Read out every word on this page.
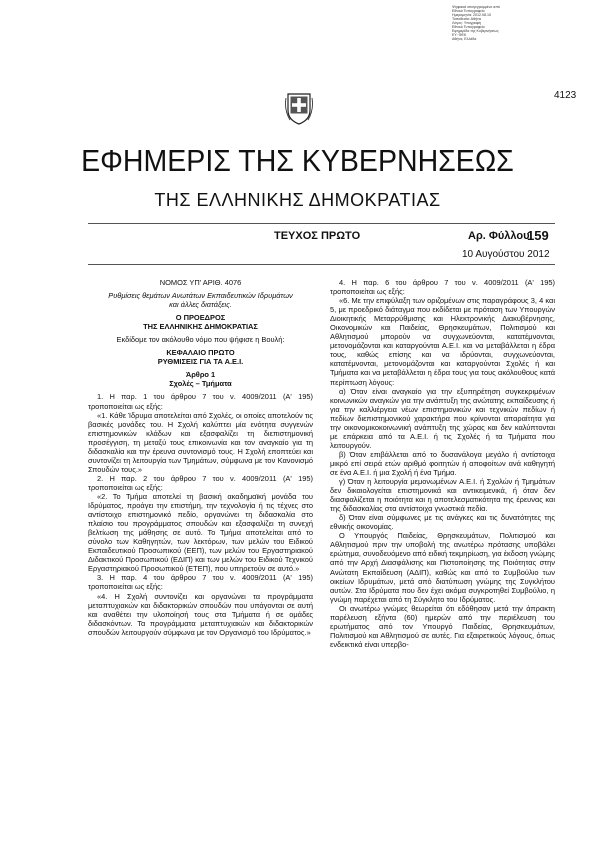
Ψηφιακά υπογεγραμμένο από
Εθνικό Τυπογραφείο
Ημερομηνία: 2012.08.10
Τοποθεσία: Αθήνα
Λόγος: Υπογραφή
Εθνικό Τυπογραφείο
Εφημερίδα της Κυβερνήσεως
ΕΥ: ΦΕΚ
Αθήνα, Ελλάδα
4123
ΕΦΗΜΕΡΙΣ ΤΗΣ ΚΥΒΕΡΝΗΣΕΩΣ
ΤΗΣ ΕΛΛΗΝΙΚΗΣ ΔΗΜΟΚΡΑΤΙΑΣ
ΤΕΥΧΟΣ ΠΡΩΤΟ	Αρ. Φύλλου
159
10 Αυγούστου 2012

ΝΟΜΟΣ ΥΠ' ΑΡΙΘ. 4076

Ρυθμίσεις θεμάτων Ανωτάτων Εκπαιδευτικών Ιδρυμάτων και άλλες διατάξεις.

Ο ΠΡΟΕΔΡΟΣ

ΤΗΣ ΕΛΛΗΝΙΚΗΣ ΔΗΜΟΚΡΑΤΙΑΣ

Εκδίδομε τον ακόλουθο νόμο που ψήφισε η Βουλή:

ΚΕΦΑΛΑΙΟ ΠΡΩΤΟ

ΡΥΘΜΙΣΕΙΣ ΓΙΑ ΤΑ Α.Ε.Ι.

Άρθρο 1

Σχολές – Τμήματα

1. Η παρ. 1 του άρθρου 7 του ν. 4009/2011 (Α' 195) τροποποιείται ως εξής:

«1. Κάθε Ίδρυμα αποτελείται από Σχολές, οι οποίες αποτελούν τις βασικές μονάδες του. Η Σχολή καλύπτει μία ενότητα συγγενών επιστημονικών κλάδων και εξασφαλίζει τη διεπιστημονική προσέγγιση, τη μεταξύ τους επικοινωνία και τον αναγκαίο για τη διδασκαλία και την έρευνα συντονισμό τους. Η Σχολή εποπτεύει και συντονίζει τη λειτουργία των Τμημάτων, σύμφωνα με τον Κανονισμό Σπουδών τους.»

2. Η παρ. 2 του άρθρου 7 του ν. 4009/2011 (Α' 195) τροποποιείται ως εξής:

«2. Το Τμήμα αποτελεί τη βασική ακαδημαϊκή μονάδα του Ιδρύματος, προάγει την επιστήμη, την τεχνολογία ή τις τέχνες στο αντίστοιχο επιστημονικό πεδίο, οργανώνει τη διδασκαλία στο πλαίσιο του προγράμματος σπουδών και εξασφαλίζει τη συνεχή βελτίωση της μάθησης σε αυτό. Το Τμήμα αποτελείται από το σύνολο των Καθηγητών, των λεκτόρων, των μελών του Ειδικού Εκπαιδευτικού Προσωπικού (ΕΕΠ), των μελών του Εργαστηριακού Διδακτικού Προσωπικού (ΕΔΙΠ) και των μελών του Ειδικού Τεχνικού Εργαστηριακού Προσωπικού (ΕΤΕΠ), που υπηρετούν σε αυτό.»

3. Η παρ. 4 του άρθρου 7 του ν. 4009/2011 (Α' 195) τροποποιείται ως εξής:

«4. Η Σχολή συντονίζει και οργανώνει τα προγράμματα μεταπτυχιακών και διδακτορικών σπουδών που υπάγονται σε αυτή και αναθέτει την υλοποίησή τους στα Τμήματα ή σε ομάδες διδασκόντων. Τα προγράμματα μεταπτυχιακών και διδακτορικών σπουδών λειτουργούν σύμφωνα με τον Οργανισμό του Ιδρύματος.»

4. Η παρ. 6 του άρθρου 7 του ν. 4009/2011 (Α' 195) τροποποιείται ως εξής:

«6. Με την επιφύλαξη των οριζομένων στις παραγράφους 3, 4 και 5, με προεδρικό διάταγμα που εκδίδεται με πρόταση των Υπουργών Διοικητικής Μεταρρύθμισης και Ηλεκτρονικής Διακυβέρνησης, Οικονομικών και Παιδείας, Θρησκευμάτων, Πολιτισμού και Αθλητισμού μπορούν να συγχωνεύονται, κατατέμνονται, μετονομάζονται και καταργούνται Α.Ε.Ι. και να μεταβάλλεται η έδρα τους, καθώς επίσης και να ιδρύονται, συγχωνεύονται, κατατέμνονται, μετονομάζονται και καταργούνται Σχολές ή και Τμήματα και να μεταβάλλεται η έδρα τους για τους ακόλουθους κατά περίπτωση λόγους:

α) Όταν είναι αναγκαίο για την εξυπηρέτηση συγκεκριμένων κοινωνικών αναγκών για την ανάπτυξη της ανώτατης εκπαίδευσης ή για την καλλιέργεια νέων επιστημονικών και τεχνικών πεδίων ή πεδίων διεπιστημονικού χαρακτήρα που κρίνονται απαραίτητα για την οικονομικοκοινωνική ανάπτυξη της χώρας και δεν καλύπτονται με επάρκεια από τα Α.Ε.Ι. ή τις Σχολές ή τα Τμήματα που λειτουργούν.

β) Όταν επιβάλλεται από το δυσανάλογα μεγάλο ή αντίστοιχα μικρό επί σειρά ετών αριθμό φοιτητών ή αποφοίτων ανά καθηγητή σε ένα Α.Ε.Ι. ή μια Σχολή ή ένα Τμήμα.

γ) Όταν η λειτουργία μεμονωμένων Α.Ε.Ι. ή Σχολών ή Τμημάτων δεν δικαιολογείται επιστημονικά και αντικειμενικά, ή όταν δεν διασφαλίζεται η ποιότητα και η αποτελεσματικότητα της έρευνας και της διδασκαλίας στα αντίστοιχα γνωστικά πεδία.

δ) Όταν είναι σύμφωνες με τις ανάγκες και τις δυνατότητες της εθνικής οικονομίας.

Ο Υπουργός Παιδείας, Θρησκευμάτων, Πολιτισμού και Αθλητισμού πριν την υποβολή της ανωτέρω πρότασης υποβάλει ερώτημα, συνοδευόμενο από ειδική τεκμηρίωση, για έκδοση γνώμης από την Αρχή Διασφάλισης και Πιστοποίησης της Ποιότητας στην Ανώτατη Εκπαίδευση (ΑΔΙΠ), καθώς και από το Συμβούλιο των οικείων Ιδρυμάτων, μετά από διατύπωση γνώμης της Συγκλήτου αυτών. Στα Ιδρύματα που δεν έχει ακόμα συγκροτηθεί Συμβούλιο, η γνώμη παρέχεται από τη Σύγκλητο του Ιδρύματος.

Οι ανωτέρω γνώμες θεωρείται ότι εδόθησαν μετά την άπρακτη παρέλευση εξήντα (60) ημερών από την περιέλευση του ερωτήματος από τον Υπουργό Παιδείας, Θρησκευμάτων, Πολιτισμού και Αθλητισμού σε αυτές. Για εξαιρετικούς λόγους, όπως ενδεικτικά είναι υπερβο-
